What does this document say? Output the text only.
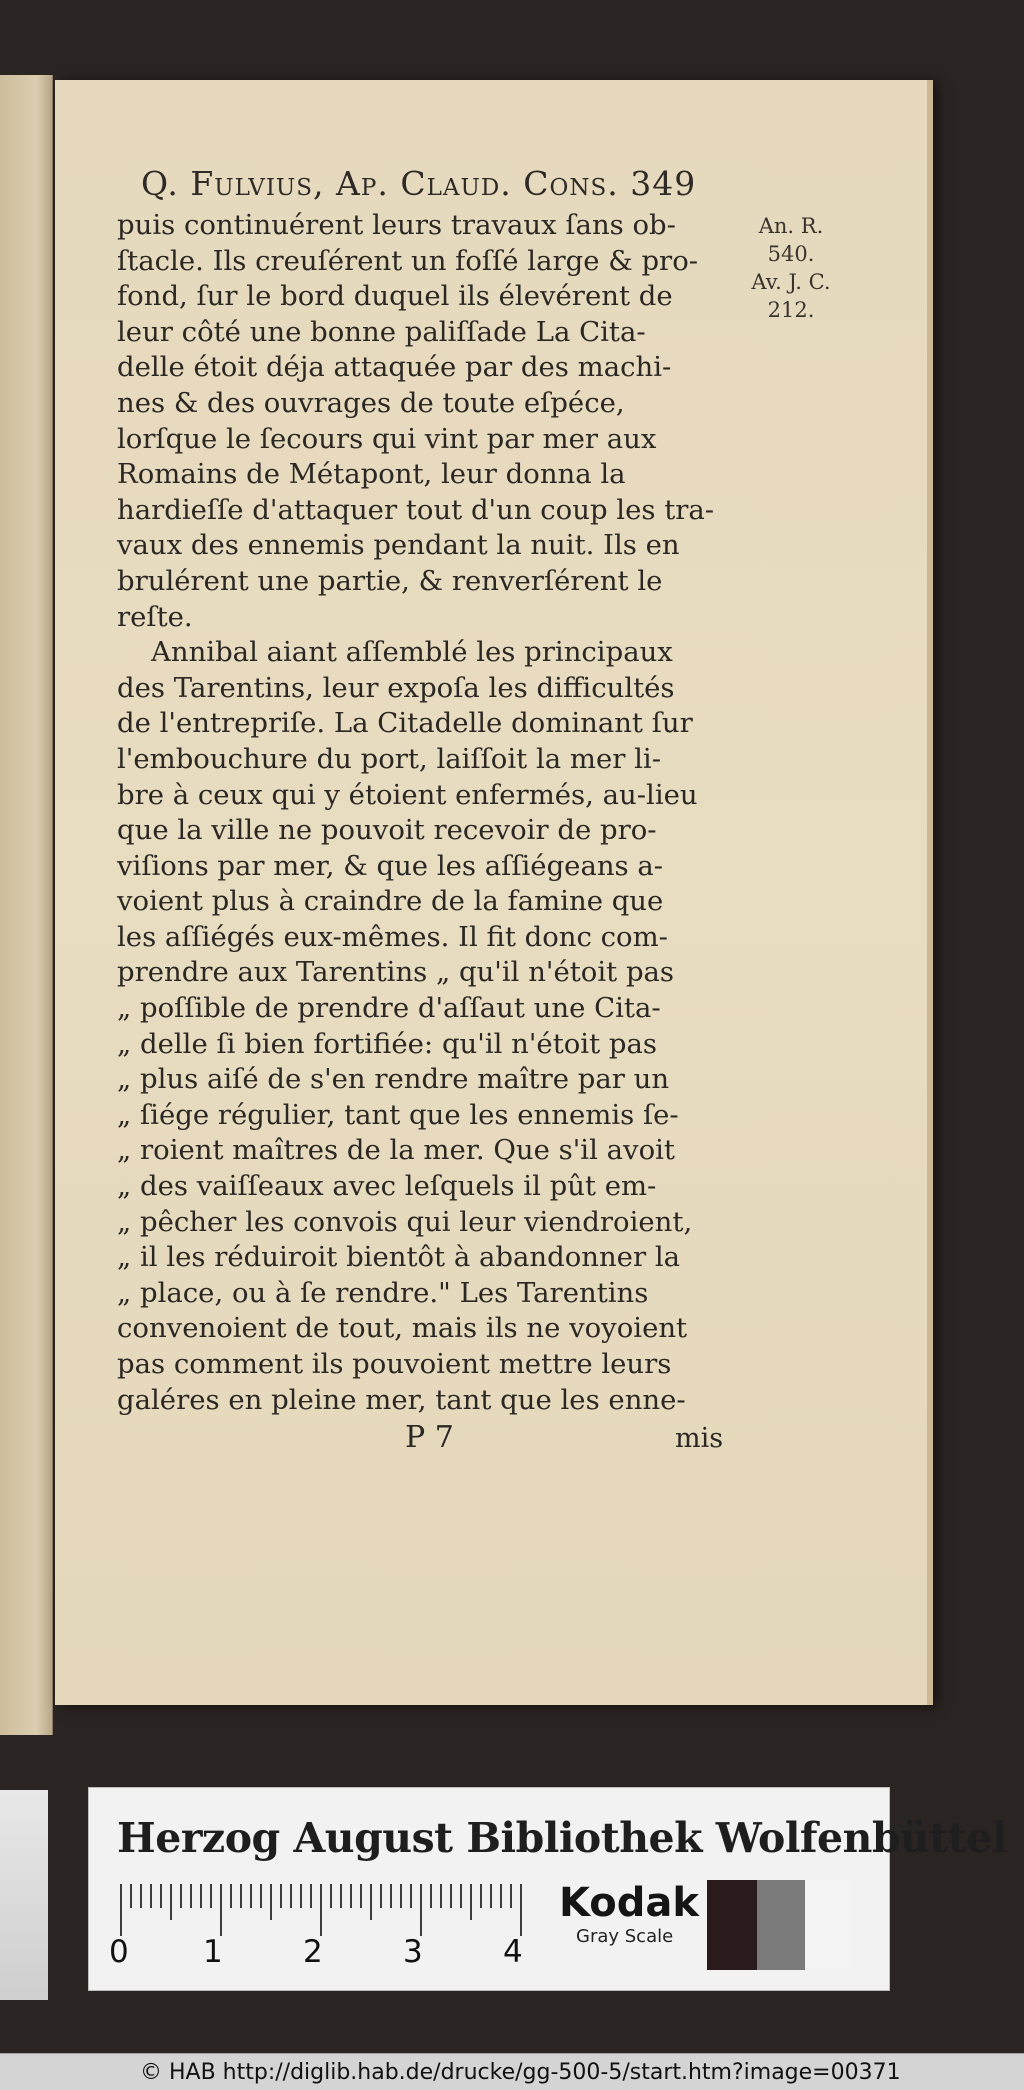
Q. Fulvius, Ap. Claud. Cons. 349
An. R.
540.
Av. J. C.
212.
puis continuérent leurs travaux ſans ob-
ſtacle. Ils creuſérent un foſſé large & pro-
fond, ſur le bord duquel ils élevérent de
leur côté une bonne paliſſade La Cita-
delle étoit déja attaquée par des machi-
nes & des ouvrages de toute eſpéce,
lorſque le ſecours qui vint par mer aux
Romains de Métapont, leur donna la
hardieſſe d'attaquer tout d'un coup les tra-
vaux des ennemis pendant la nuit. Ils en
brulérent une partie, & renverſérent le
reſte.
Annibal aiant aſſemblé les principaux
des Tarentins, leur expoſa les difficultés
de l'entrepriſe. La Citadelle dominant ſur
l'embouchure du port, laiſſoit la mer li-
bre à ceux qui y étoient enfermés, au-lieu
que la ville ne pouvoit recevoir de pro-
viſions par mer, & que les aſſiégeans a-
voient plus à craindre de la famine que
les aſſiégés eux-mêmes. Il fit donc com-
prendre aux Tarentins „ qu'il n'étoit pas
„ poſſible de prendre d'aſſaut une Cita-
„ delle ſi bien fortifiée: qu'il n'étoit pas
„ plus aiſé de s'en rendre maître par un
„ ſiége régulier, tant que les ennemis ſe-
„ roient maîtres de la mer. Que s'il avoit
„ des vaiſſeaux avec leſquels il pût em-
„ pêcher les convois qui leur viendroient,
„ il les réduiroit bientôt à abandonner la
„ place, ou à ſe rendre." Les Tarentins
convenoient de tout, mais ils ne voyoient
pas comment ils pouvoient mettre leurs
galéres en pleine mer, tant que les enne-
P 7	mis
Herzog August Bibliothek Wolfenbüttel
0 1	2	3	4
Kodak
Gray Scale
© HAB http://diglib.hab.de/drucke/gg-500-5/start.htm?image=00371
